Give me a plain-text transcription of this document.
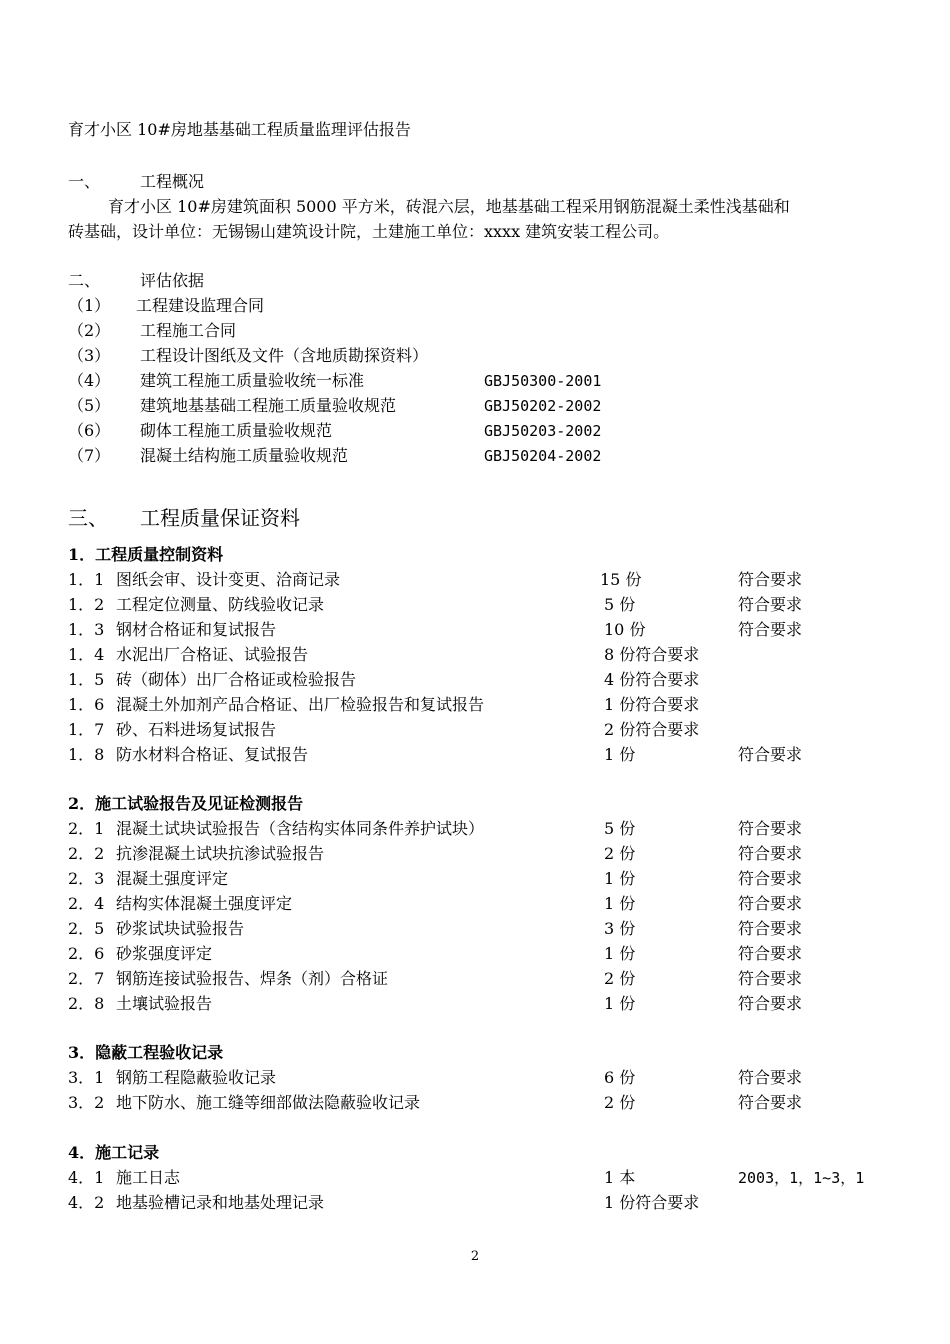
育才小区 10#房地基基础工程质量监理评估报告
一、 工程概况
育才小区 10#房建筑面积 5000 平方米，砖混六层，地基基础工程采用钢筋混凝土柔性浅基础和
砖基础，设计单位：无锡锡山建筑设计院，土建施工单位：xxxx 建筑安装工程公司。
二、 评估依据
（1） 工程建设监理合同
（2） 工程施工合同
（3） 工程设计图纸及文件（含地质勘探资料）
（4） 建筑工程施工质量验收统一标准	GBJ50300-2001
（5） 建筑地基基础工程施工质量验收规范	GBJ50202-2002
（6） 砌体工程施工质量验收规范	GBJ50203-2002
（7） 混凝土结构施工质量验收规范	GBJ50204-2002
三、 工程质量保证资料
1．工程质量控制资料
1．1 图纸会审、设计变更、洽商记录	15 份	符合要求
1．2 工程定位测量、防线验收记录	5 份	符合要求
1．3 钢材合格证和复试报告	10 份	符合要求
1．4 水泥出厂合格证、试验报告	8 份符合要求
1．5 砖（砌体）出厂合格证或检验报告	4 份符合要求
1．6 混凝土外加剂产品合格证、出厂检验报告和复试报告	1 份符合要求
1．7 砂、石料进场复试报告	2 份符合要求
1．8 防水材料合格证、复试报告	1 份	符合要求
2．施工试验报告及见证检测报告
2．1 混凝土试块试验报告（含结构实体同条件养护试块）	5 份	符合要求
2．2 抗渗混凝土试块抗渗试验报告	2 份	符合要求
2．3 混凝土强度评定	1 份	符合要求
2．4 结构实体混凝土强度评定	1 份	符合要求
2．5 砂浆试块试验报告	3 份	符合要求
2．6 砂浆强度评定	1 份	符合要求
2．7 钢筋连接试验报告、焊条（剂）合格证	2 份	符合要求
2．8 土壤试验报告	1 份	符合要求
3．隐蔽工程验收记录
3．1 钢筋工程隐蔽验收记录	6 份	符合要求
3．2 地下防水、施工缝等细部做法隐蔽验收记录	2 份	符合要求
4．施工记录
4．1 施工日志	1 本	2003，1，1~3，1
4．2 地基验槽记录和地基处理记录	1 份符合要求
2
